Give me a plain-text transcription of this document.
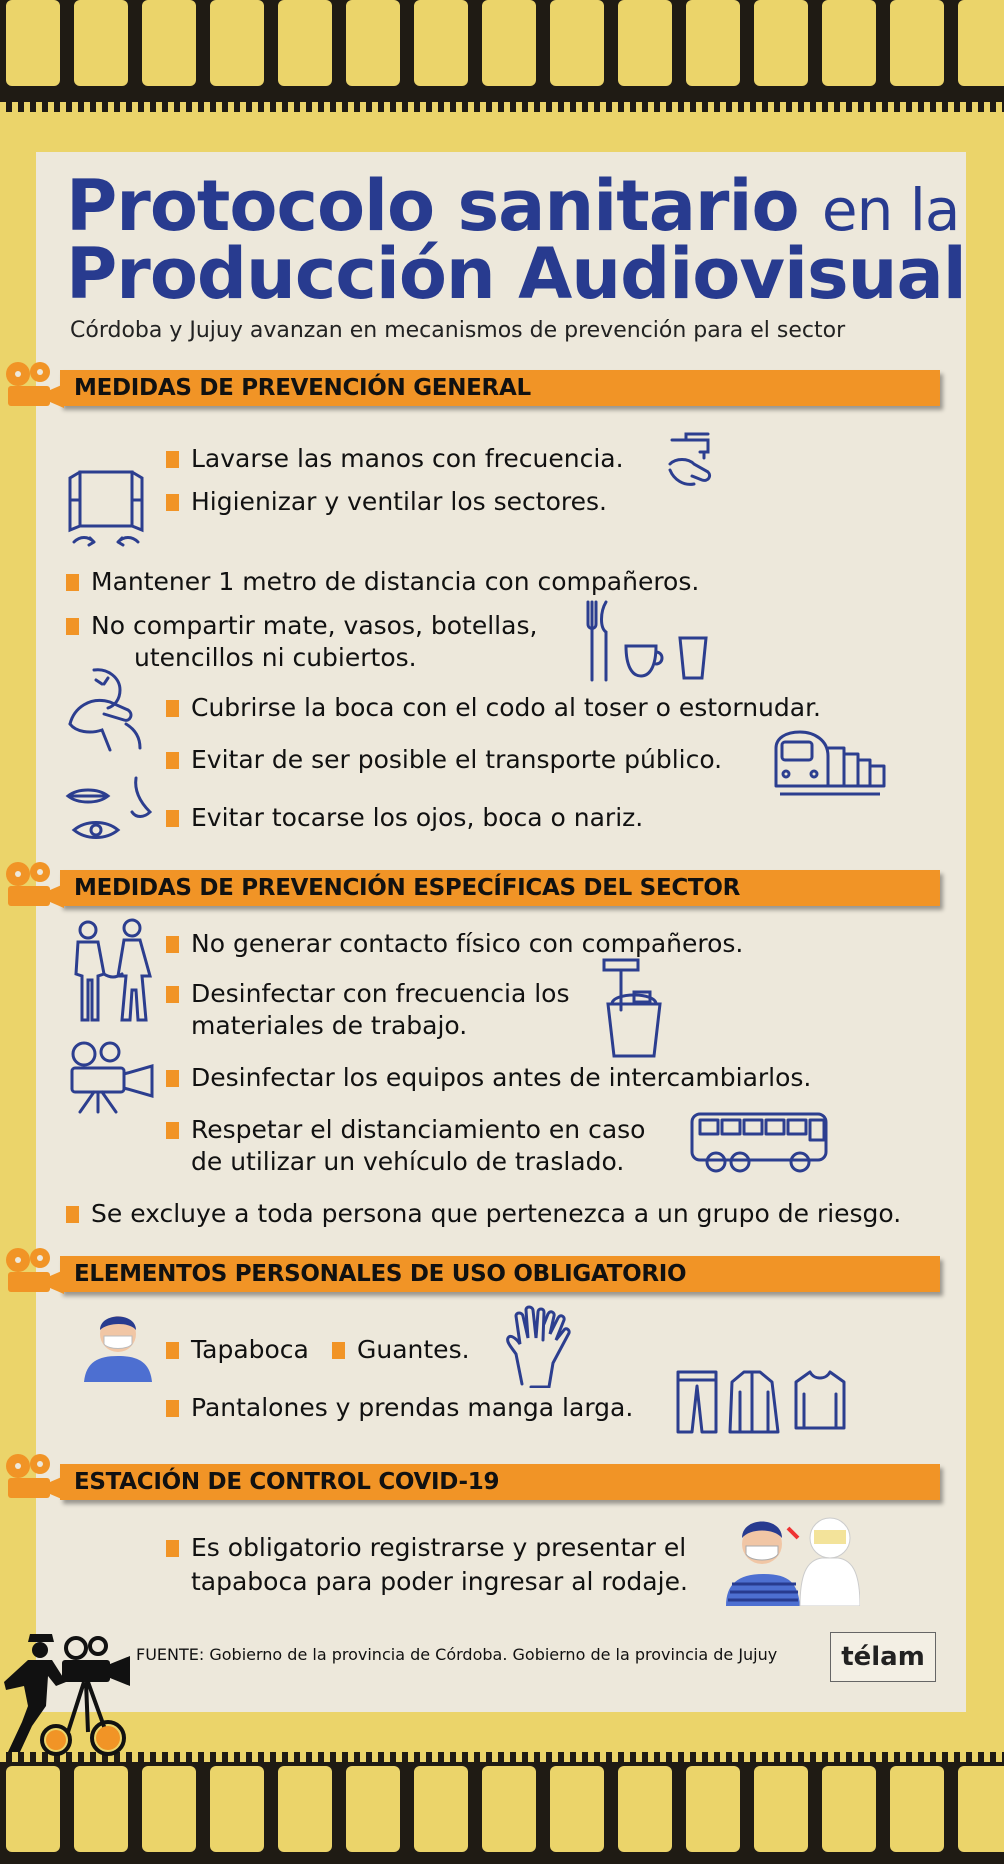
Protocolo sanitario en la
Producción Audiovisual
Córdoba y Jujuy avanzan en mecanismos de prevención para el sector
MEDIDAS DE PREVENCIÓN GENERAL
Lavarse las manos con frecuencia.
Higienizar y ventilar los sectores.
Mantener 1 metro de distancia con compañeros.
No compartir mate, vasos, botellas,
utencillos ni cubiertos.
Cubrirse la boca con el codo al toser o estornudar.
Evitar de ser posible el transporte público.
Evitar tocarse los ojos, boca o nariz.
MEDIDAS DE PREVENCIÓN ESPECÍFICAS DEL SECTOR
No generar contacto físico con compañeros.
Desinfectar con frecuencia los
materiales de trabajo.
Desinfectar los equipos antes de intercambiarlos.
Respetar el distanciamiento en caso
de utilizar un vehículo de traslado.
Se excluye a toda persona que pertenezca a un grupo de riesgo.
ELEMENTOS PERSONALES DE USO OBLIGATORIO
Tapaboca	Guantes.
Pantalones y prendas manga larga.
ESTACIÓN DE CONTROL COVID-19
Es obligatorio registrarse y presentar el
tapaboca para poder ingresar al rodaje.
FUENTE: Gobierno de la provincia de Córdoba. Gobierno de la provincia de Jujuy	télam
